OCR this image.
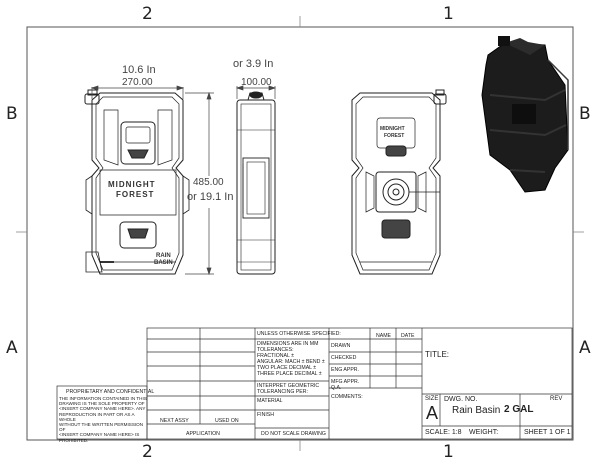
2	1
2	1
B
A
B
A
10.6 In
270.00
or 3.9 In
100.00
485.00
or 19.1 In
MIDNIGHT
FOREST
RAIN
BASIN
MIDNIGHT
FOREST
UNLESS OTHERWISE SPECIFIED:	NAME DATE
DIMENSIONS ARE IN MM
TOLERANCES:
FRACTIONAL ±
ANGULAR: MACH ± BEND ±
TWO PLACE DECIMAL ±
THREE PLACE DECIMAL ±
INTERPRET GEOMETRIC
TOLERANCING PER:
MATERIAL
FINISH
DRAWN
CHECKED
ENG APPR.
MFG APPR.
Q.A.
COMMENTS:
TITLE:
SIZE
A
DWG. NO.
Rain Basin 2 GAL
REV
SCALE: 1:8 WEIGHT:	SHEET 1 OF 1
NEXT ASSY	USED ON
APPLICATION	DO NOT SCALE DRAWING
PROPRIETARY AND CONFIDENTIAL
THE INFORMATION CONTAINED IN THIS
DRAWING IS THE SOLE PROPERTY OF
<INSERT COMPANY NAME HERE>. ANY
REPRODUCTION IN PART OR AS A WHOLE
WITHOUT THE WRITTEN PERMISSION OF
<INSERT COMPANY NAME HERE> IS
PROHIBITED.
